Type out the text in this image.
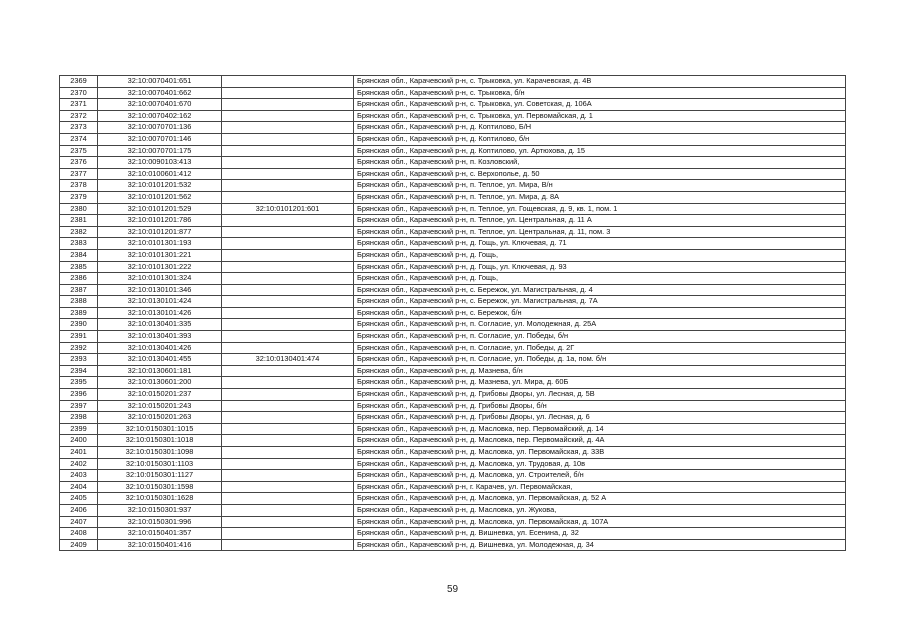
2369	32:10:0070401:651		Брянская обл., Карачевский р-н, с. Трыковка, ул. Карачевская, д. 4В
2370	32:10:0070401:662		Брянская обл., Карачевский р-н, с. Трыковка, б/н
2371	32:10:0070401:670		Брянская обл., Карачевский р-н, с. Трыковка, ул. Советская, д. 106А
2372	32:10:0070402:162		Брянская обл., Карачевский р-н, с. Трыковка, ул. Первомайская, д. 1
2373	32:10:0070701:136		Брянская обл., Карачевский р-н, д. Коптилово, Б/Н
2374	32:10:0070701:146		Брянская обл., Карачевский р-н, д. Коптилово, б/н
2375	32:10:0070701:175		Брянская обл., Карачевский р-н, д. Коптилово, ул. Артюхова, д. 15
2376	32:10:0090103:413		Брянская обл., Карачевский р-н, п. Козловский,
2377	32:10:0100601:412		Брянская обл., Карачевский р-н, с. Верхополье, д. 50
2378	32:10:0101201:532		Брянская обл., Карачевский р-н, п. Теплое, ул. Мира, В/н
2379	32:10:0101201:562		Брянская обл., Карачевский р-н, п. Теплое, ул. Мира, д. 8А
2380	32:10:0101201:529	32:10:0101201:601	Брянская обл., Карачевский р-н, п. Теплое, ул. Гощевская, д. 9, кв. 1, пом. 1
2381	32:10:0101201:786		Брянская обл., Карачевский р-н, п. Теплое, ул. Центральная, д. 11 А
2382	32:10:0101201:877		Брянская обл., Карачевский р-н, п. Теплое, ул. Центральная, д. 11, пом. 3
2383	32:10:0101301:193		Брянская обл., Карачевский р-н, д. Гощь, ул. Ключевая, д. 71
2384	32:10:0101301:221		Брянская обл., Карачевский р-н, д. Гощь,
2385	32:10:0101301:222		Брянская обл., Карачевский р-н, д. Гощь, ул. Ключевая, д. 93
2386	32:10:0101301:324		Брянская обл., Карачевский р-н, д. Гощь,
2387	32:10:0130101:346		Брянская обл., Карачевский р-н, с. Бережок, ул. Магистральная, д. 4
2388	32:10:0130101:424		Брянская обл., Карачевский р-н, с. Бережок, ул. Магистральная, д. 7А
2389	32:10:0130101:426		Брянская обл., Карачевский р-н, с. Бережок, б/н
2390	32:10:0130401:335		Брянская обл., Карачевский р-н, п. Согласие, ул. Молодежная, д. 25А
2391	32:10:0130401:393		Брянская обл., Карачевский р-н, п. Согласие, ул. Победы, б/н
2392	32:10:0130401:426		Брянская обл., Карачевский р-н, п. Согласие, ул. Победы, д. 2Г
2393	32:10:0130401:455	32:10:0130401:474	Брянская обл., Карачевский р-н, п. Согласие, ул. Победы, д. 1а, пом. б/н
2394	32:10:0130601:181		Брянская обл., Карачевский р-н, д. Мазнева, б/н
2395	32:10:0130601:200		Брянская обл., Карачевский р-н, д. Мазнева, ул. Мира, д. 60Б
2396	32:10:0150201:237		Брянская обл., Карачевский р-н, д. Грибовы Дворы, ул. Лесная, д. 5В
2397	32:10:0150201:243		Брянская обл., Карачевский р-н, д. Грибовы Дворы, б/н
2398	32:10:0150201:263		Брянская обл., Карачевский р-н, д. Грибовы Дворы, ул. Лесная, д. 6
2399	32:10:0150301:1015		Брянская обл., Карачевский р-н, д. Масловка, пер. Первомайский, д. 14
2400	32:10:0150301:1018		Брянская обл., Карачевский р-н, д. Масловка, пер. Первомайский, д. 4А
2401	32:10:0150301:1098		Брянская обл., Карачевский р-н, д. Масловка, ул. Первомайская, д. 33В
2402	32:10:0150301:1103		Брянская обл., Карачевский р-н, д. Масловка, ул. Трудовая, д. 10в
2403	32:10:0150301:1127		Брянская обл., Карачевский р-н, д. Масловка, ул. Строителей, б/н
2404	32:10:0150301:1598		Брянская обл., Карачевский р-н, г. Карачев, ул. Первомайская,
2405	32:10:0150301:1628		Брянская обл., Карачевский р-н, д. Масловка, ул. Первомайская, д. 52 А
2406	32:10:0150301:937		Брянская обл., Карачевский р-н, д. Масловка, ул. Жукова,
2407	32:10:0150301:996		Брянская обл., Карачевский р-н, д. Масловка, ул. Первомайская, д. 107А
2408	32:10:0150401:357		Брянская обл., Карачевский р-н, д. Вишневка, ул. Есенина, д. 32
2409	32:10:0150401:416		Брянская обл., Карачевский р-н, д. Вишневка, ул. Молодежная, д. 34
59
